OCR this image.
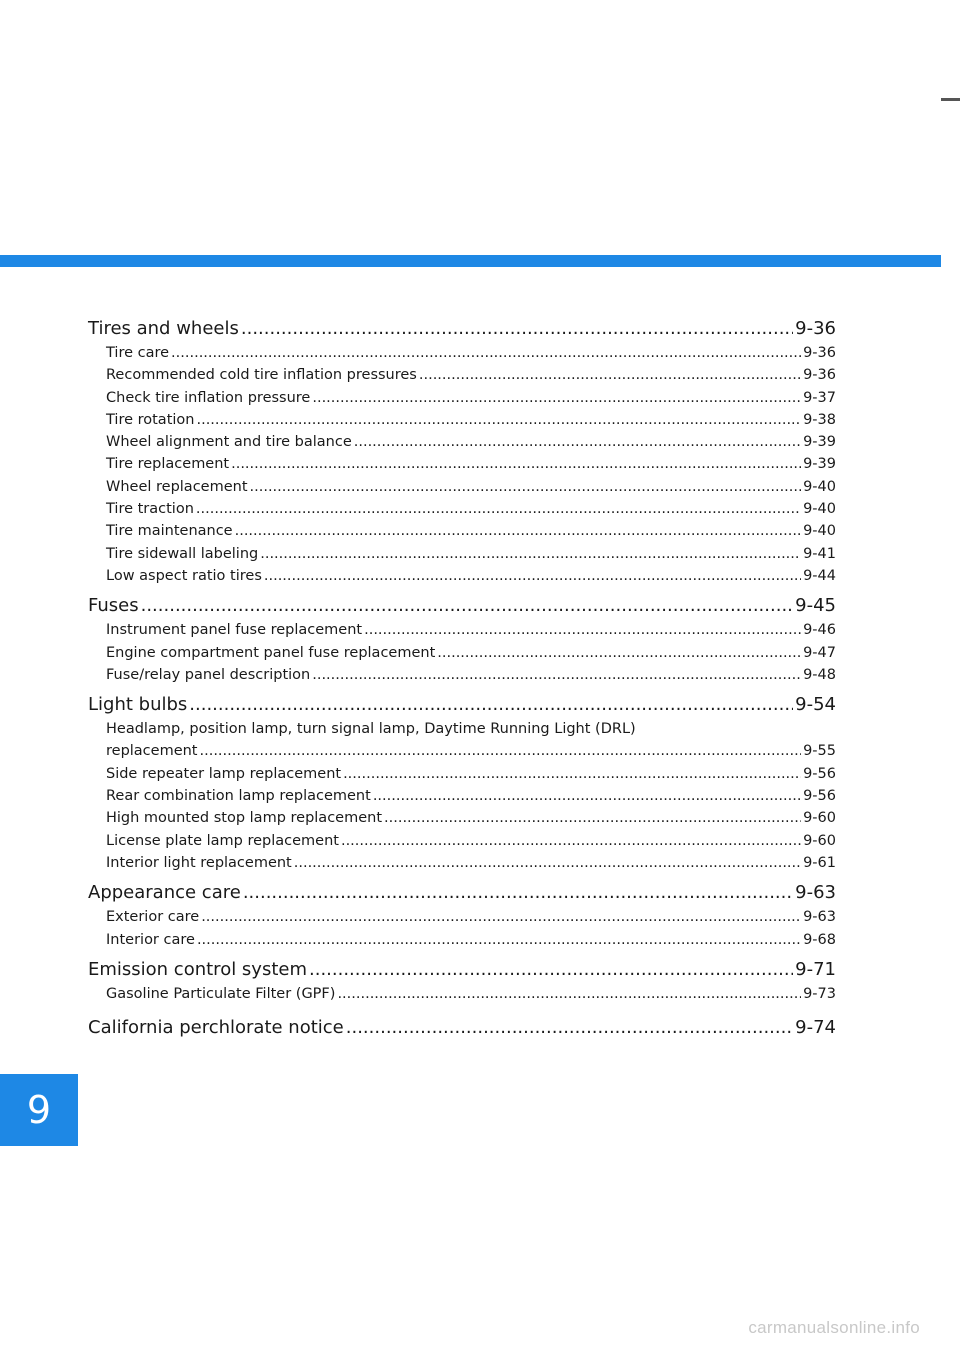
Tires and wheels .....	9-36
Tire care .....	9-36
Recommended cold tire inflation pressures .....	9-36
Check tire inflation pressure .....	9-37
Tire rotation .....	9-38
Wheel alignment and tire balance .....	9-39
Tire replacement .....	9-39
Wheel replacement .....	9-40
Tire traction .....	9-40
Tire maintenance .....	9-40
Tire sidewall labeling .....	9-41
Low aspect ratio tires .....	9-44
Fuses .....	9-45
Instrument panel fuse replacement .....	9-46
Engine compartment panel fuse replacement .....	9-47
Fuse/relay panel description .....	9-48
Light bulbs .....	9-54
Headlamp, position lamp, turn signal lamp, Daytime Running Light (DRL)
replacement .....	9-55
Side repeater lamp replacement .....	9-56
Rear combination lamp replacement .....	9-56
High mounted stop lamp replacement .....	9-60
License plate lamp replacement .....	9-60
Interior light replacement .....	9-61
Appearance care .....	9-63
Exterior care .....	9-63
Interior care .....	9-68
Emission control system .....	9-71
Gasoline Particulate Filter (GPF) .....	9-73
California perchlorate notice .....	9-74
9
carmanualsonline.info
